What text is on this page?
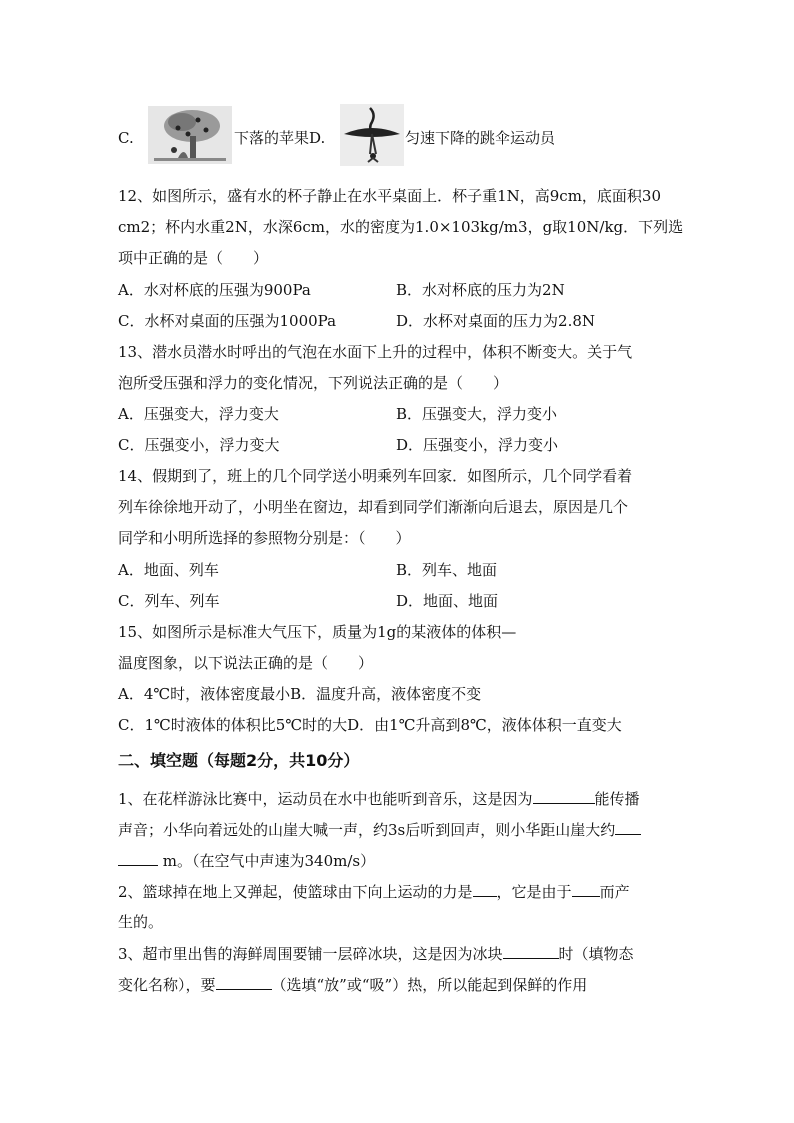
C.	下落的苹果D.	匀速下降的跳伞运动员
12、如图所示，盛有水的杯子静止在水平桌面上．杯子重1N，高9cm，底面积30
cm2；杯内水重2N，水深6cm，水的密度为1.0×103kg/m3，g取10N/kg．下列选
项中正确的是（　　）
A．水对杯底的压强为900Pa	B．水对杯底的压力为2N
C．水杯对桌面的压强为1000Pa	D．水杯对桌面的压力为2.8N
13、潜水员潜水时呼出的气泡在水面下上升的过程中，体积不断变大。关于气
泡所受压强和浮力的变化情况，下列说法正确的是（　　）
A．压强变大，浮力变大	B．压强变大，浮力变小
C．压强变小，浮力变大	D．压强变小，浮力变小
14、假期到了，班上的几个同学送小明乘列车回家．如图所示，几个同学看着
列车徐徐地开动了，小明坐在窗边，却看到同学们渐渐向后退去，原因是几个
同学和小明所选择的参照物分别是：（　　）
A．地面、列车	B．列车、地面
C．列车、列车	D．地面、地面
15、如图所示是标准大气压下，质量为1g的某液体的体积—
温度图象，以下说法正确的是（　　）
A．4℃时，液体密度最小B．温度升高，液体密度不变
C．1℃时液体的体积比5℃时的大D．由1℃升高到8℃，液体体积一直变大
二、填空题（每题2分，共10分）
1、在花样游泳比赛中，运动员在水中也能听到音乐，这是因为	能传播
声音；小华向着远处的山崖大喊一声，约3s后听到回声，则小华距山崖大约
m。（在空气中声速为340m/s）
2、篮球掉在地上又弹起，使篮球由下向上运动的力是 ，它是由于 而产
生的。
3、超市里出售的海鲜周围要铺一层碎冰块，这是因为冰块	时（填物态
变化名称），要	（选填“放”或“吸”）热，所以能起到保鲜的作用
